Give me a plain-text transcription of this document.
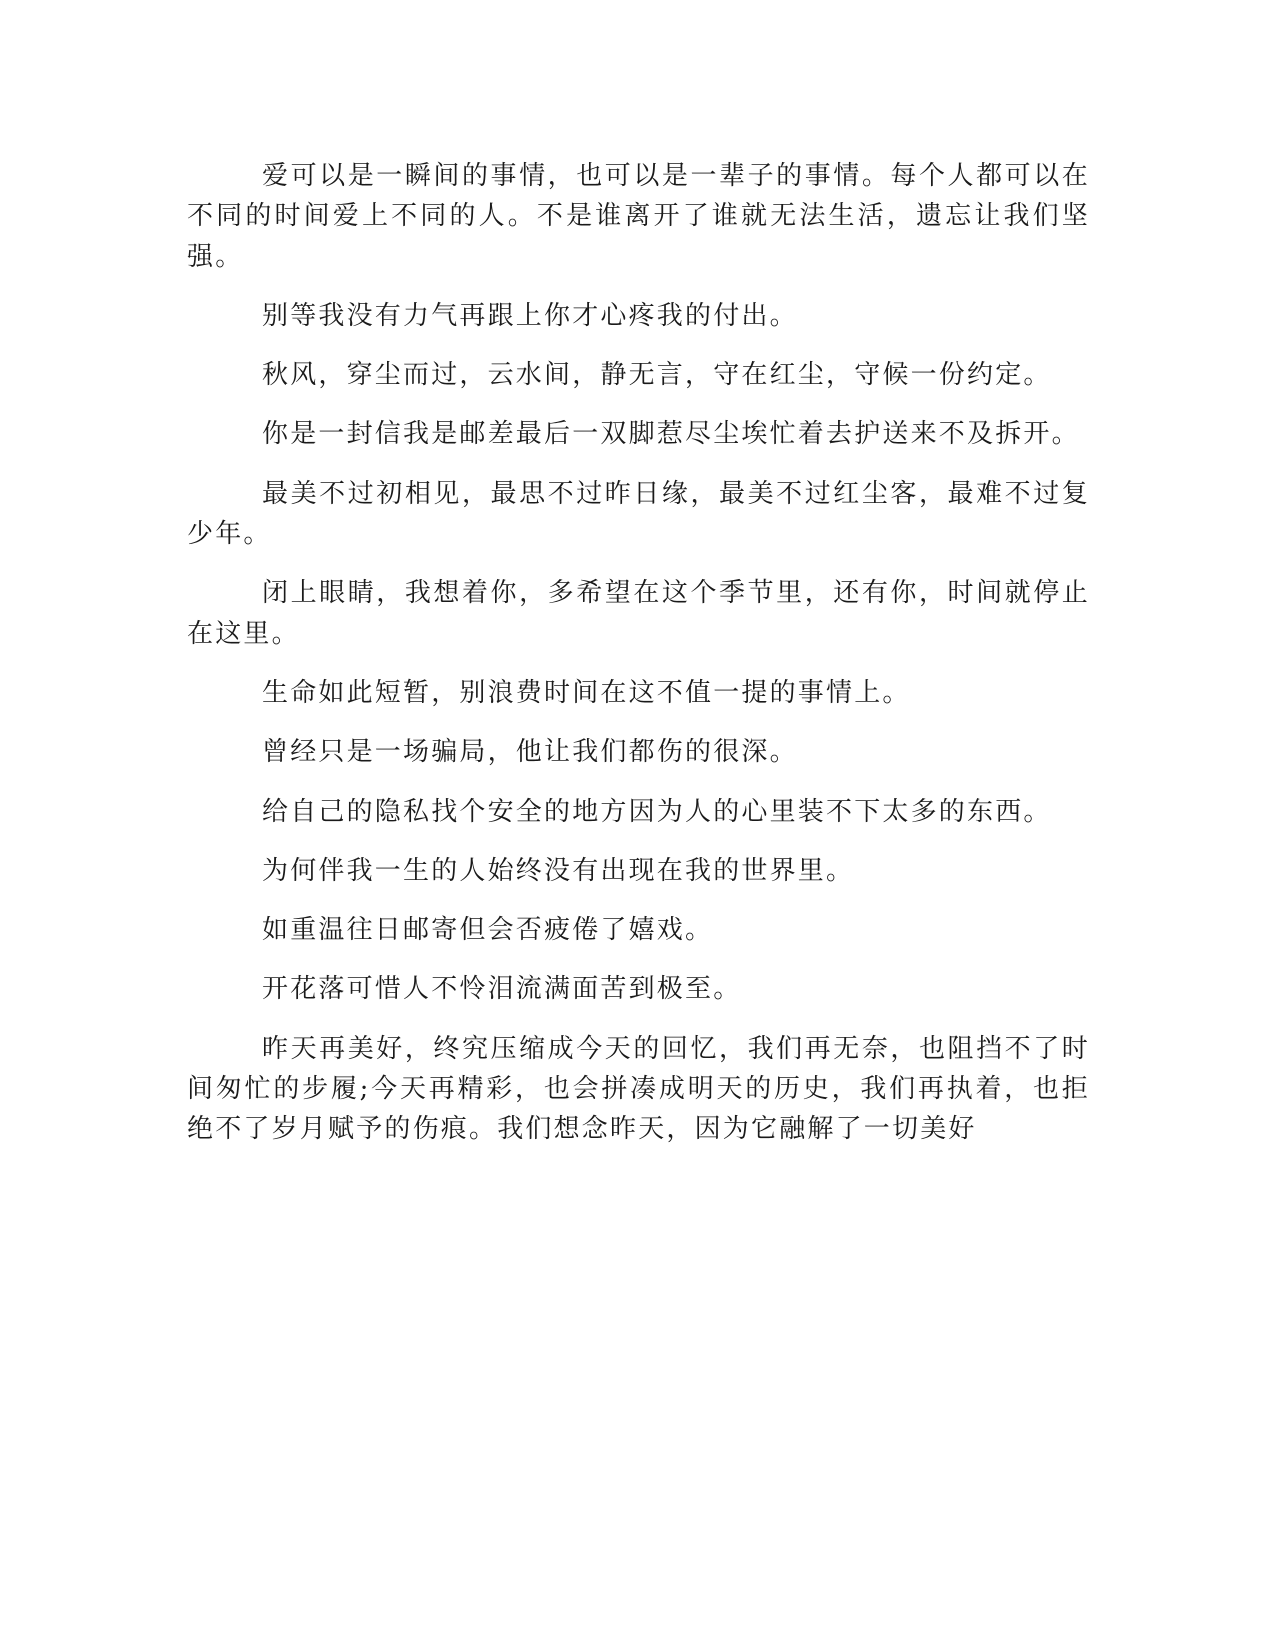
爱可以是一瞬间的事情，也可以是一辈子的事情。每个人都可以在不同的时间爱上不同的人。不是谁离开了谁就无法生活，遗忘让我们坚强。

别等我没有力气再跟上你才心疼我的付出。

秋风，穿尘而过，云水间，静无言，守在红尘，守候一份约定。

你是一封信我是邮差最后一双脚惹尽尘埃忙着去护送来不及拆开。

最美不过初相见，最思不过昨日缘，最美不过红尘客，最难不过复少年。

闭上眼睛，我想着你，多希望在这个季节里，还有你，时间就停止在这里。

生命如此短暂，别浪费时间在这不值一提的事情上。

曾经只是一场骗局，他让我们都伤的很深。

给自己的隐私找个安全的地方因为人的心里装不下太多的东西。

为何伴我一生的人始终没有出现在我的世界里。

如重温往日邮寄但会否疲倦了嬉戏。

开花落可惜人不怜泪流满面苦到极至。

昨天再美好，终究压缩成今天的回忆，我们再无奈，也阻挡不了时间匆忙的步履;今天再精彩，也会拼凑成明天的历史，我们再执着，也拒绝不了岁月赋予的伤痕。我们想念昨天，因为它融解了一切美好
